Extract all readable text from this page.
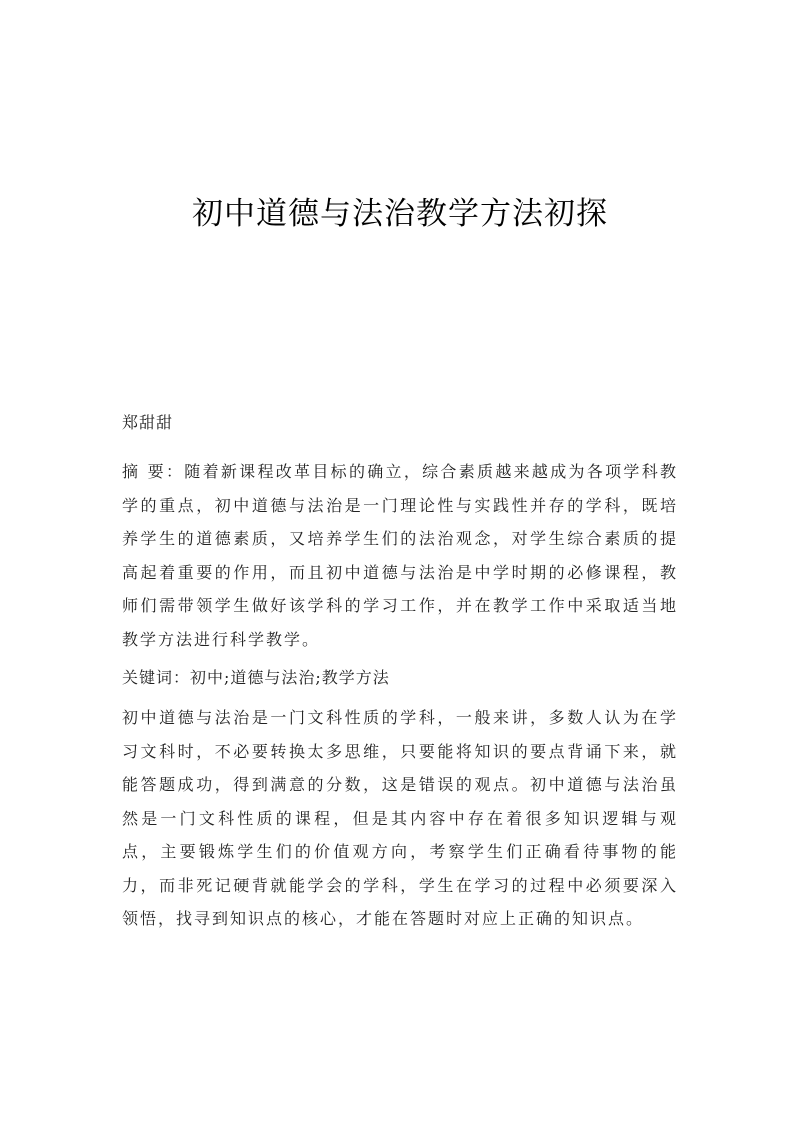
初中道德与法治教学方法初探

郑甜甜

摘 要：随着新课程改革目标的确立，综合素质越来越成为各项学科教学的重点，初中道德与法治是一门理论性与实践性并存的学科，既培养学生的道德素质，又培养学生们的法治观念，对学生综合素质的提高起着重要的作用，而且初中道德与法治是中学时期的必修课程，教师们需带领学生做好该学科的学习工作，并在教学工作中采取适当地教学方法进行科学教学。

关键词：初中;道德与法治;教学方法

初中道德与法治是一门文科性质的学科，一般来讲，多数人认为在学习文科时，不必要转换太多思维，只要能将知识的要点背诵下来，就能答题成功，得到满意的分数，这是错误的观点。初中道德与法治虽然是一门文科性质的课程，但是其内容中存在着很多知识逻辑与观点，主要锻炼学生们的价值观方向，考察学生们正确看待事物的能力，而非死记硬背就能学会的学科，学生在学习的过程中必须要深入领悟，找寻到知识点的核心，才能在答题时对应上正确的知识点。
